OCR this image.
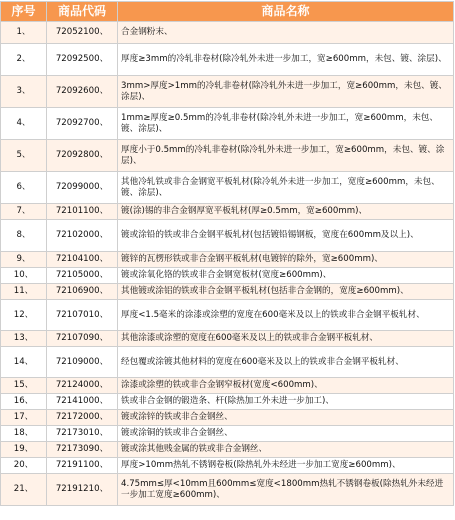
序号	商品代码	商品名称
1、	72052100、	合金钢粉末、
2、	72092500、	厚度≥3mm的冷轧非卷材(除冷轧外未进一步加工，宽≥600mm，未包、镀、涂层)、
3、	72092600、	3mm>厚度>1mm的冷轧非卷材(除冷轧外未进一步加工，宽≥600mm，未包、镀、涂层)、
4、	72092700、	1mm≥厚度≥0.5mm的冷轧非卷材(除冷轧外未进一步加工，宽≥600mm，未包、镀、涂层)、
5、	72092800、	厚度小于0.5mm的冷轧非卷材(除冷轧外未进一步加工，宽≥600mm，未包、镀、涂层)、
6、	72099000、	其他冷轧铁或非合金钢宽平板轧材(除冷轧外未进一步加工，宽度≥600mm，未包、镀、涂层)、
7、	72101100、	镀(涂)锡的非合金钢厚宽平板轧材(厚≥0.5mm，宽≥600mm)、
8、	72102000、	镀或涂铅的铁或非合金钢平板轧材(包括镀铅锡钢板，宽度在600mm及以上)、
9、	72104100、	镀锌的瓦楞形铁或非合金钢平板轧材(电镀锌的除外，宽≥600mm)、
10、	72105000、	镀或涂氧化铬的铁或非合金钢宽板材(宽度≥600mm)、
11、	72106900、	其他镀或涂铝的铁或非合金钢平板轧材(包括非合金钢的，宽度≥600mm)、
12、	72107010、	厚度<1.5毫米的涂漆或涂塑的宽度在600毫米及以上的铁或非合金钢平板轧材、
13、	72107090、	其他涂漆或涂塑的宽度在600毫米及以上的铁或非合金钢平板轧材、
14、	72109000、	经包覆或涂镀其他材料的宽度在600毫米及以上的铁或非合金钢平板轧材、
15、	72124000、	涂漆或涂塑的铁或非合金钢窄板材(宽度<600mm)、
16、	72141000、	铁或非合金钢的锻造条、杆(除热加工外未进一步加工)、
17、	72172000、	镀或涂锌的铁或非合金钢丝、
18、	72173010、	镀或涂铜的铁或非合金钢丝、
19、	72173090、	镀或涂其他贱金属的铁或非合金钢丝、
20、	72191100、	厚度>10mm热轧不锈钢卷板(除热轧外未经进一步加工宽度≥600mm)、
21、	72191210、	4.75mm≤厚<10mm且600mm≤宽度<1800mm热轧不锈钢卷板(除热轧外未经进一步加工宽度≥600mm)、
